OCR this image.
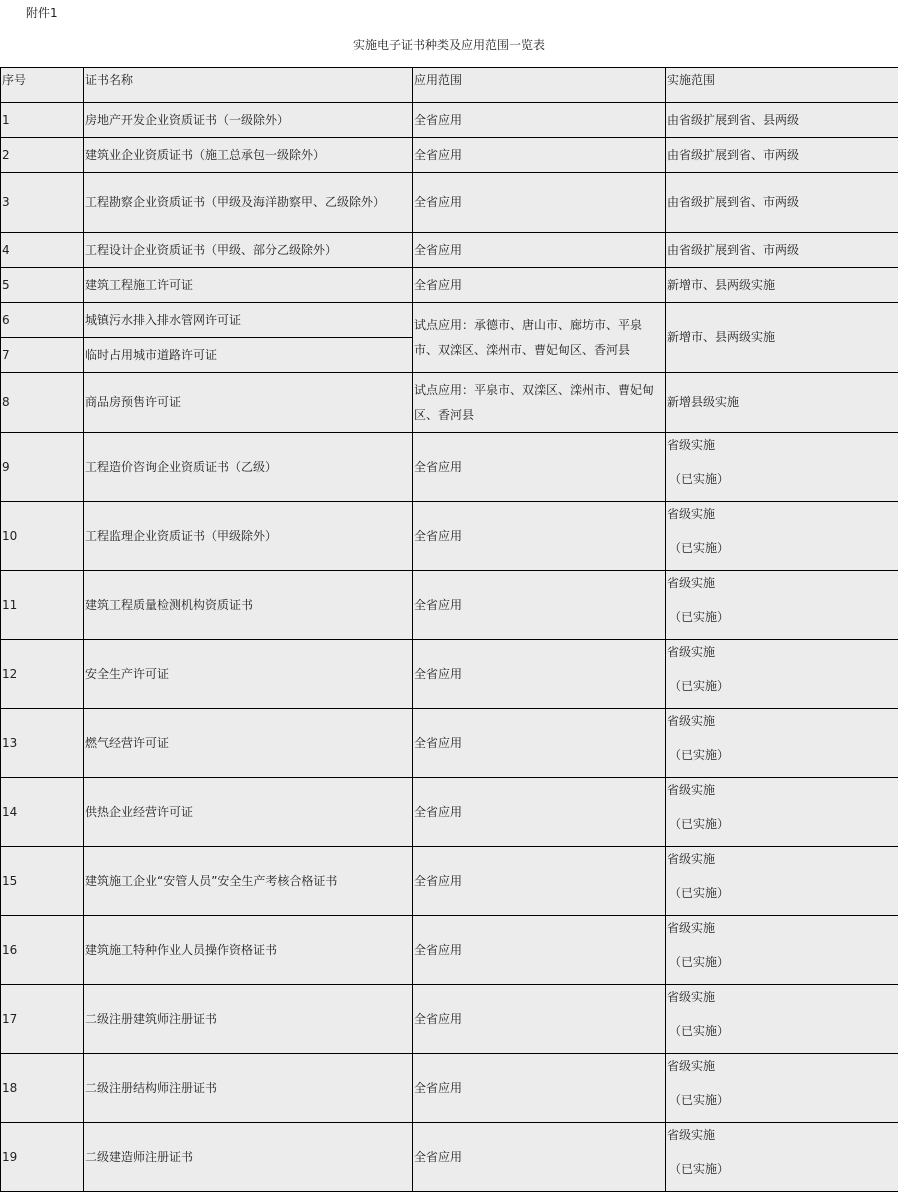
附件1
实施电子证书种类及应用范围一览表
序号	证书名称	应用范围	实施范围
1	房地产开发企业资质证书（一级除外）	全省应用	由省级扩展到省、县两级
2	建筑业企业资质证书（施工总承包一级除外）	全省应用	由省级扩展到省、市两级
3	工程勘察企业资质证书（甲级及海洋勘察甲、乙级除外）	全省应用	由省级扩展到省、市两级
4	工程设计企业资质证书（甲级、部分乙级除外）	全省应用	由省级扩展到省、市两级
5	建筑工程施工许可证	全省应用	新增市、县两级实施
6	城镇污水排入排水管网许可证	试点应用：承德市、唐山市、廊坊市、平泉市、双滦区、滦州市、曹妃甸区、香河县	新增市、县两级实施
7	临时占用城市道路许可证		
8	商品房预售许可证	试点应用：平泉市、双滦区、滦州市、曹妃甸区、香河县	新增县级实施
9	工程造价咨询企业资质证书（乙级）	全省应用	省级实施
（已实施）

10	工程监理企业资质证书（甲级除外）	全省应用	省级实施
（已实施）

11	建筑工程质量检测机构资质证书	全省应用	省级实施
（已实施）

12	安全生产许可证	全省应用	省级实施
（已实施）

13	燃气经营许可证	全省应用	省级实施
（已实施）

14	供热企业经营许可证	全省应用	省级实施
（已实施）

15	建筑施工企业“安管人员”安全生产考核合格证书	全省应用	省级实施
（已实施）

16	建筑施工特种作业人员操作资格证书	全省应用	省级实施
（已实施）

17	二级注册建筑师注册证书	全省应用	省级实施
（已实施）

18	二级注册结构师注册证书	全省应用	省级实施
（已实施）

19	二级建造师注册证书	全省应用	省级实施
（已实施）
